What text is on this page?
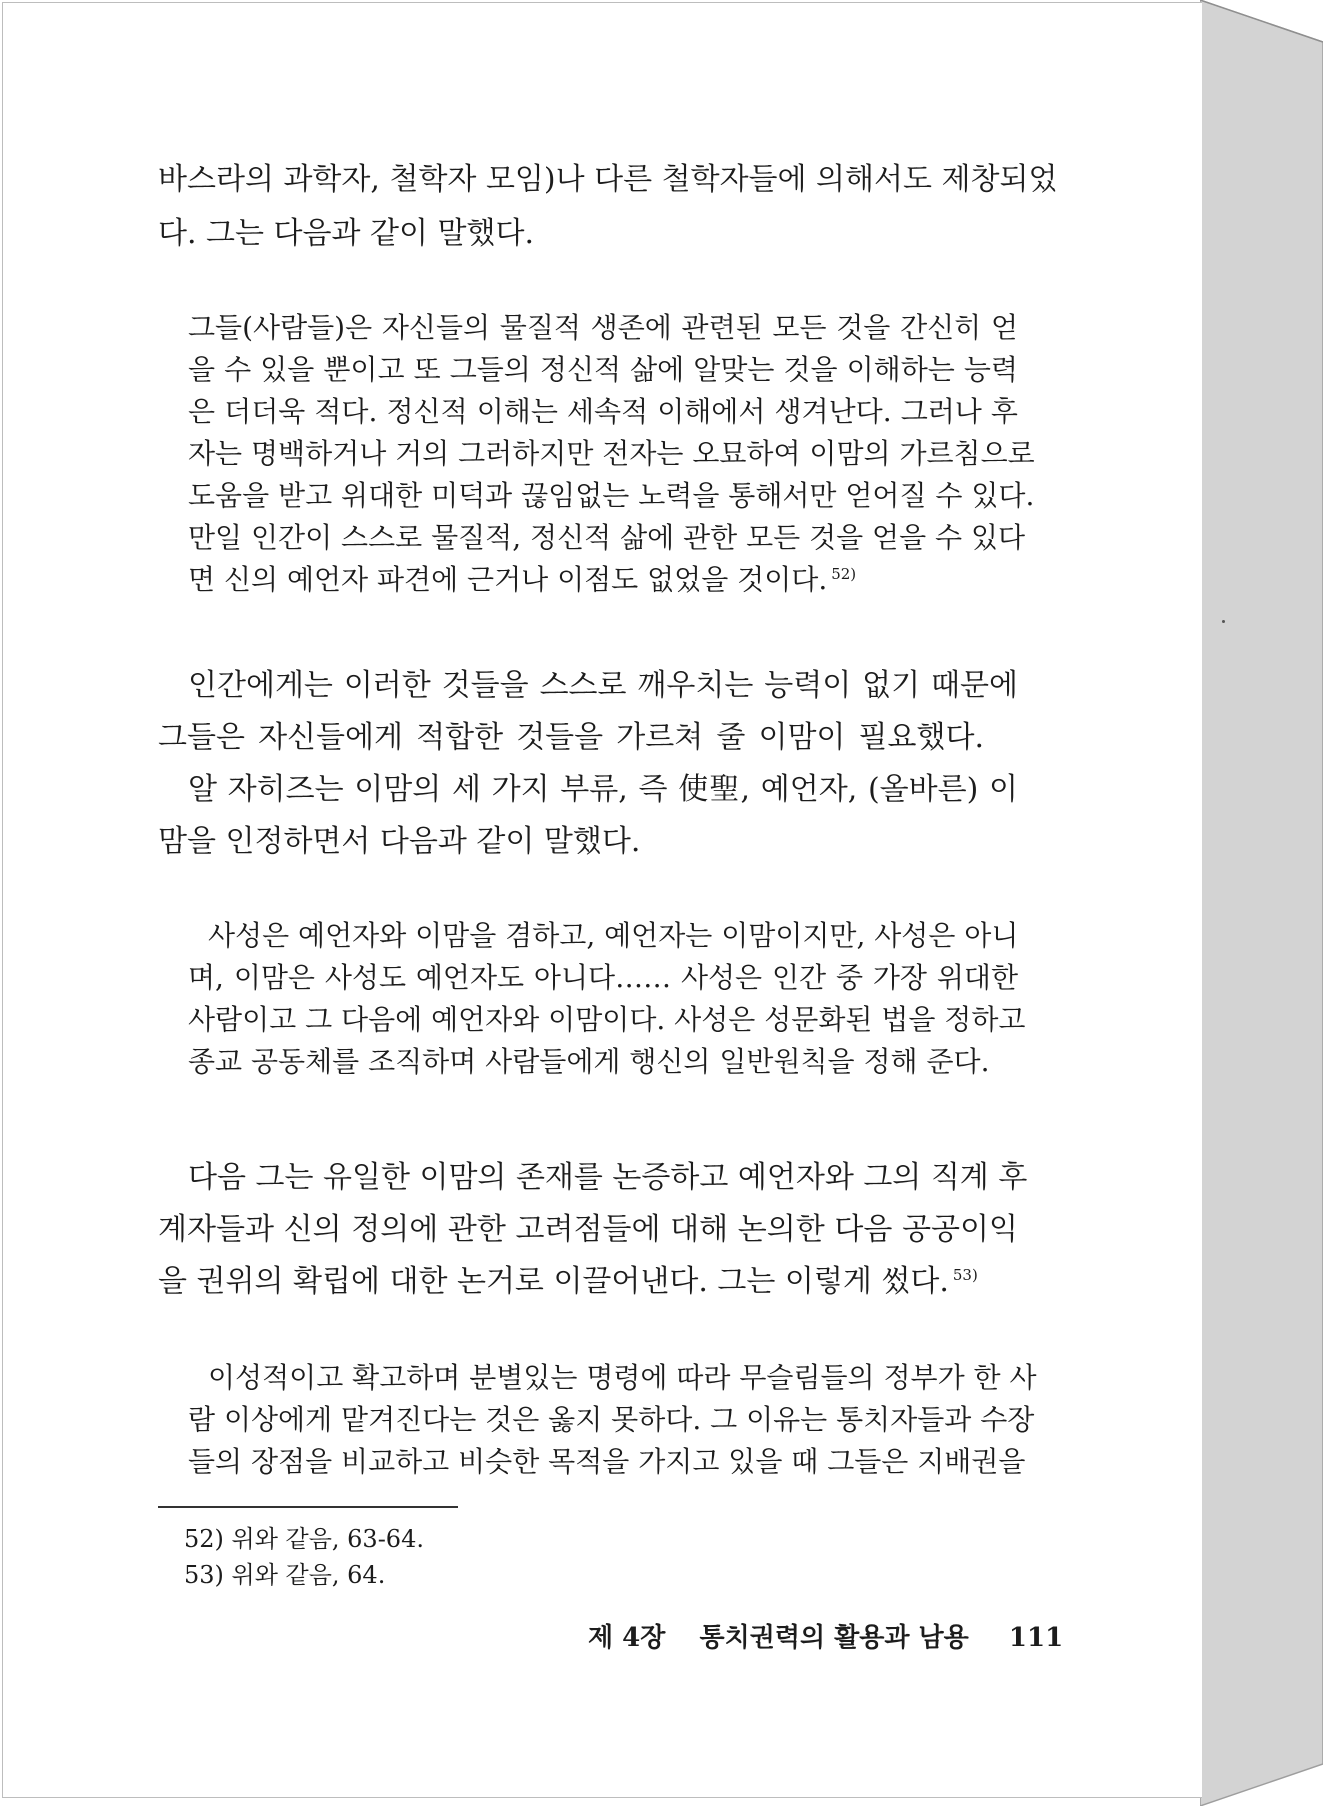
바스라의 과학자, 철학자 모임)나 다른 철학자들에 의해서도 제창되었
다. 그는 다음과 같이 말했다.
그들(사람들)은 자신들의 물질적 생존에 관련된 모든 것을 간신히 얻
을 수 있을 뿐이고 또 그들의 정신적 삶에 알맞는 것을 이해하는 능력
은 더더욱 적다. 정신적 이해는 세속적 이해에서 생겨난다. 그러나 후
자는 명백하거나 거의 그러하지만 전자는 오묘하여 이맘의 가르침으로
도움을 받고 위대한 미덕과 끊임없는 노력을 통해서만 얻어질 수 있다.
만일 인간이 스스로 물질적, 정신적 삶에 관한 모든 것을 얻을 수 있다
면 신의 예언자 파견에 근거나 이점도 없었을 것이다. $^{52)}$
인간에게는 이러한 것들을 스스로 깨우치는 능력이 없기 때문에
그들은 자신들에게 적합한 것들을 가르쳐 줄 이맘이 필요했다.
알 자히즈는 이맘의 세 가지 부류, 즉 使聖, 예언자, (올바른) 이
맘을 인정하면서 다음과 같이 말했다.
사성은 예언자와 이맘을 겸하고, 예언자는 이맘이지만, 사성은 아니
며, 이맘은 사성도 예언자도 아니다…… 사성은 인간 중 가장 위대한
사람이고 그 다음에 예언자와 이맘이다. 사성은 성문화된 법을 정하고
종교 공동체를 조직하며 사람들에게 행신의 일반원칙을 정해 준다.
다음 그는 유일한 이맘의 존재를 논증하고 예언자와 그의 직계 후
계자들과 신의 정의에 관한 고려점들에 대해 논의한 다음 공공이익
을 권위의 확립에 대한 논거로 이끌어낸다. 그는 이렇게 썼다. $^{53)}$
이성적이고 확고하며 분별있는 명령에 따라 무슬림들의 정부가 한 사
람 이상에게 맡겨진다는 것은 옳지 못하다. 그 이유는 통치자들과 수장
들의 장점을 비교하고 비슷한 목적을 가지고 있을 때 그들은 지배권을
52) 위와 같음, 63-64.
53) 위와 같음, 64.
제 4장 통치권력의 활용과 남용 111
